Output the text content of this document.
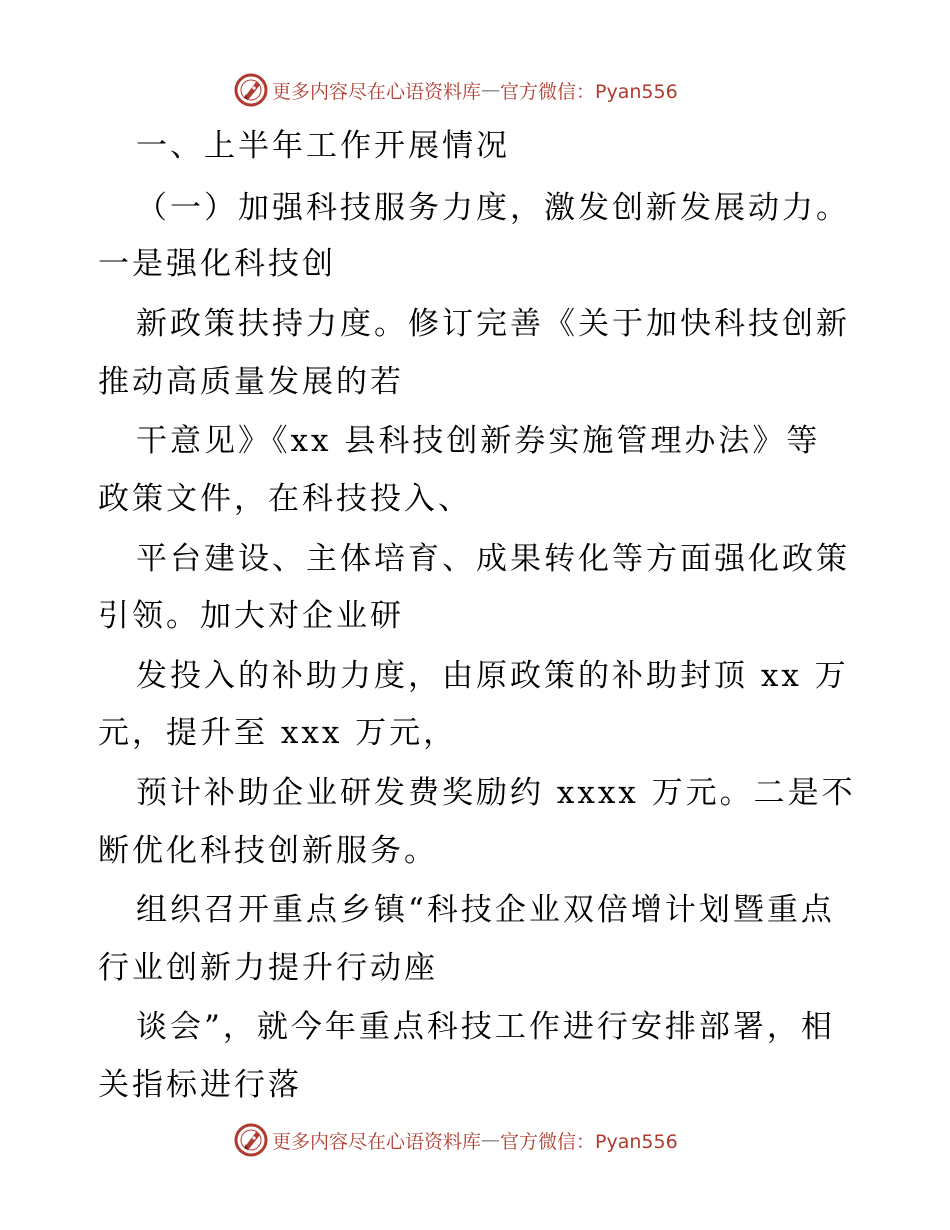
更多内容尽在心语资料库 — 官方微信：Pyan556
一、上半年工作开展情况
（一）加强科技服务力度，激发创新发展动力。
一是强化科技创
新政策扶持力度。修订完善《关于加快科技创新
推动高质量发展的若
干意见》《xx 县科技创新券实施管理办法》等
政策文件，在科技投入、
平台建设、主体培育、成果转化等方面强化政策
引领。加大对企业研
发投入的补助力度，由原政策的补助封顶 xx 万
元，提升至 xxx 万元，
预计补助企业研发费奖励约 xxxx 万元。二是不
断优化科技创新服务。
组织召开重点乡镇“科技企业双倍增计划暨重点
行业创新力提升行动座
谈会”，就今年重点科技工作进行安排部署，相
关指标进行落
更多内容尽在心语资料库 — 官方微信：Pyan556
